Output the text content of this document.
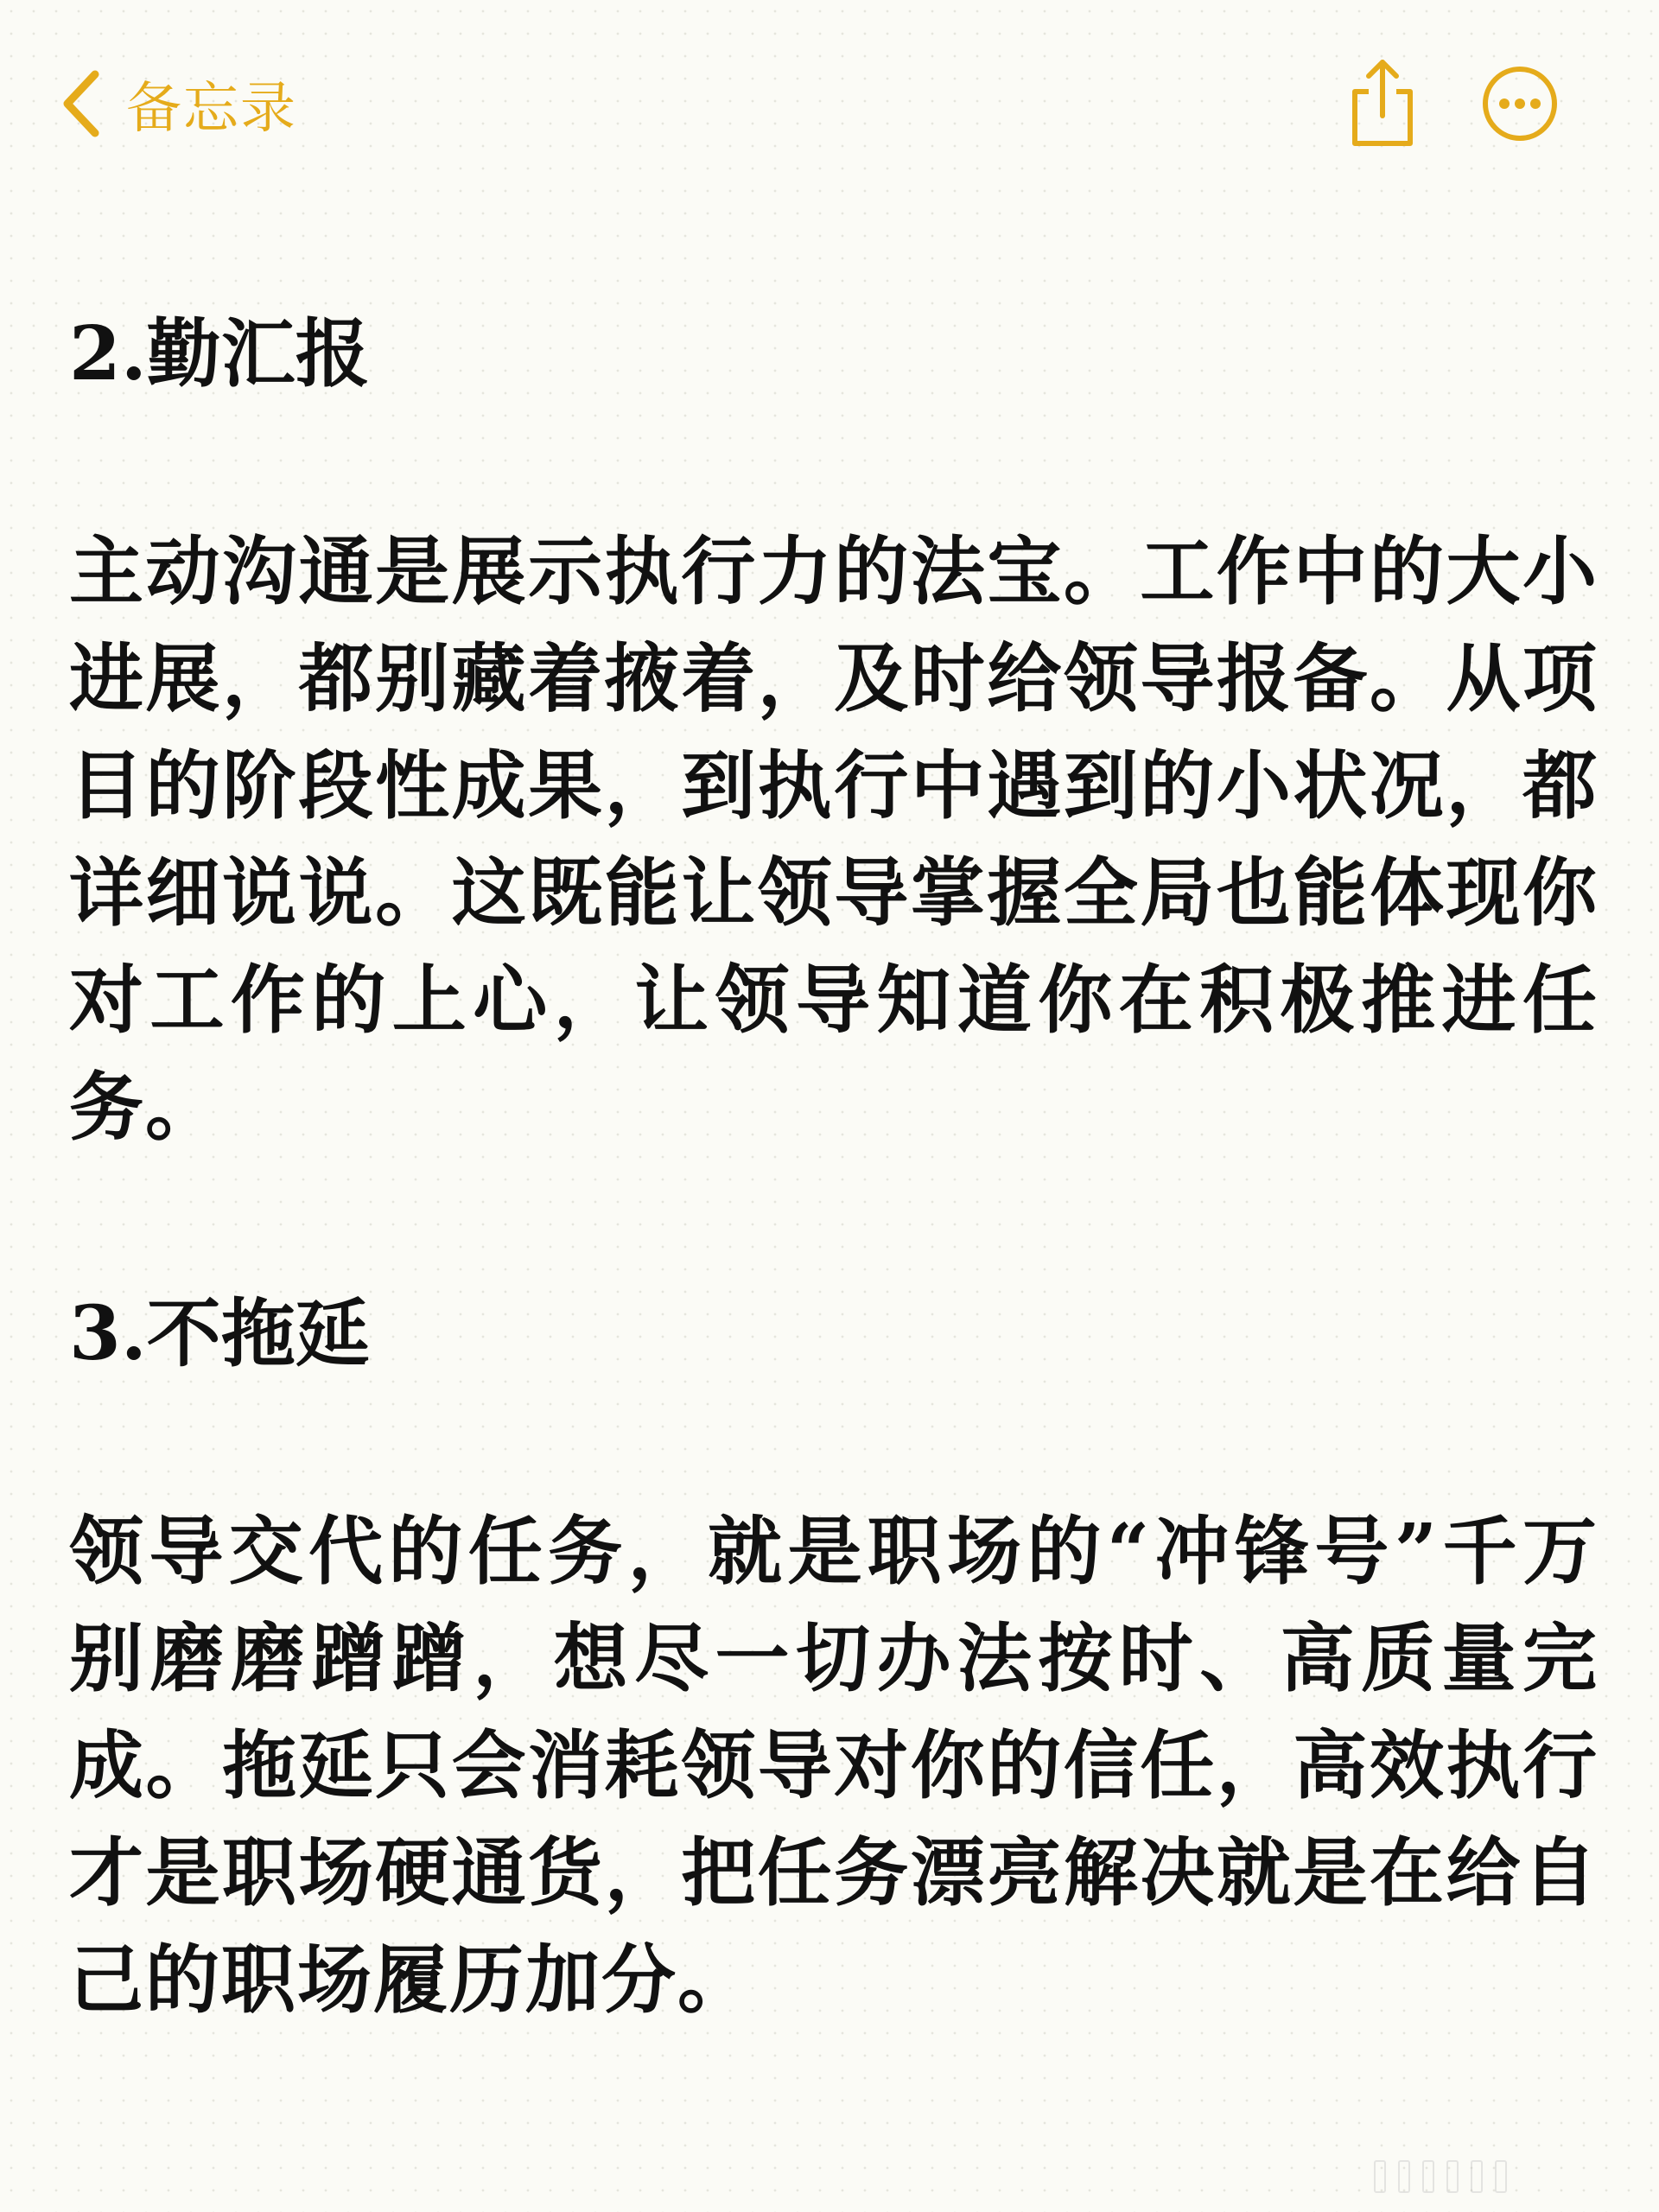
备忘录
2.勤汇报

主动沟通是展示执行力的法宝。工作中的大小进展，都别藏着掖着，及时给领导报备。从项目的阶段性成果，到执行中遇到的小状况，都详细说说。这既能让领导掌握全局也能体现你对工作的上心，让领导知道你在积极推进任务。

3.不拖延

领导交代的任务，就是职场的“冲锋号”千万别磨磨蹭蹭，想尽一切办法按时、高质量完成。拖延只会消耗领导对你的信任，高效执行才是职场硬通货，把任务漂亮解决就是在给自己的职场履历加分。
